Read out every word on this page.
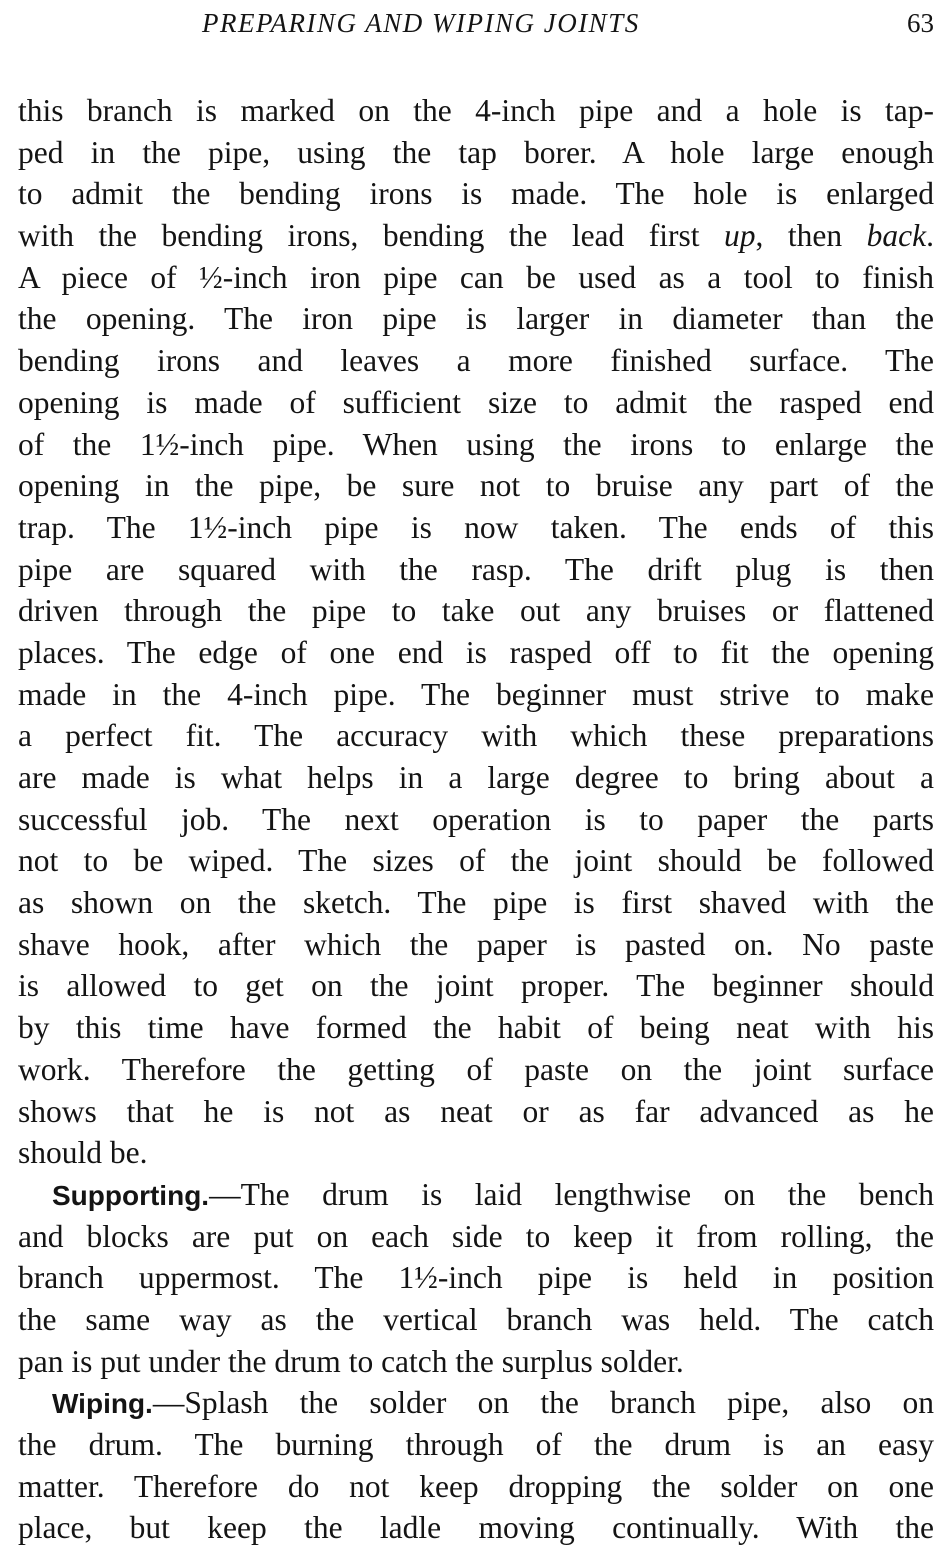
PREPARING AND WIPING JOINTS	63
this branch is marked on the 4-inch pipe and a hole is tap-
ped in the pipe, using the tap borer. A hole large enough
to admit the bending irons is made. The hole is enlarged
with the bending irons, bending the lead first up, then back.
A piece of ½-inch iron pipe can be used as a tool to finish
the opening. The iron pipe is larger in diameter than the
bending irons and leaves a more finished surface. The
opening is made of sufficient size to admit the rasped end
of the 1½-inch pipe. When using the irons to enlarge the
opening in the pipe, be sure not to bruise any part of the
trap. The 1½-inch pipe is now taken. The ends of this
pipe are squared with the rasp. The drift plug is then
driven through the pipe to take out any bruises or flattened
places. The edge of one end is rasped off to fit the opening
made in the 4-inch pipe. The beginner must strive to make
a perfect fit. The accuracy with which these preparations
are made is what helps in a large degree to bring about a
successful job. The next operation is to paper the parts
not to be wiped. The sizes of the joint should be followed
as shown on the sketch. The pipe is first shaved with the
shave hook, after which the paper is pasted on. No paste
is allowed to get on the joint proper. The beginner should
by this time have formed the habit of being neat with his
work. Therefore the getting of paste on the joint surface
shows that he is not as neat or as far advanced as he
should be.
Supporting.—The drum is laid lengthwise on the bench
and blocks are put on each side to keep it from rolling, the
branch uppermost. The 1½-inch pipe is held in position
the same way as the vertical branch was held. The catch
pan is put under the drum to catch the surplus solder.
Wiping.—Splash the solder on the branch pipe, also on
the drum. The burning through of the drum is an easy
matter. Therefore do not keep dropping the solder on one
place, but keep the ladle moving continually. With the
